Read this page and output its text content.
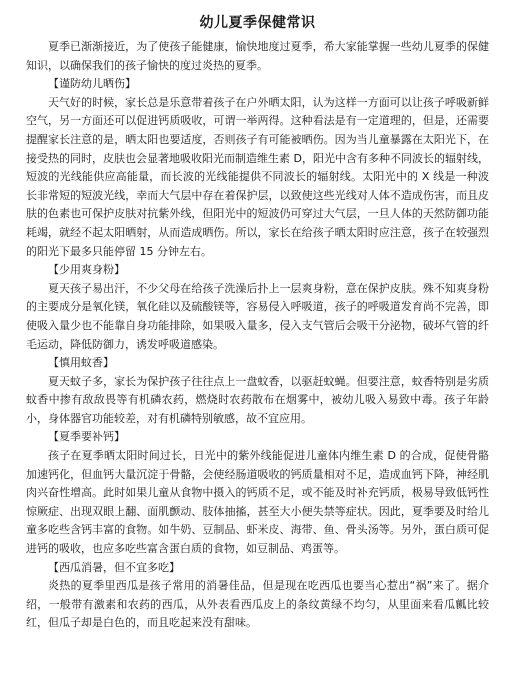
幼儿夏季保健常识

夏季已渐渐接近，为了使孩子能健康，愉快地度过夏季，希大家能掌握一些幼儿夏季的保健知识，以确保我们的孩子愉快的度过炎热的夏季。

【谨防幼儿晒伤】

天气好的时候，家长总是乐意带着孩子在户外晒太阳，认为这样一方面可以让孩子呼吸新鲜空气，另一方面还可以促进钙质吸收，可谓一举两得。这种看法是有一定道理的，但是，还需要提醒家长注意的是，晒太阳也要适度，否则孩子有可能被晒伤。因为当儿童暴露在太阳光下，在接受热的同时，皮肤也会显著地吸收阳光而制造维生素 D，阳光中含有多种不同波长的辐射线，短波的光线能供应高能量，而长波的光线能提供不同波长的辐射线。太阳光中的 X 线是一种波长非常短的短波光线，幸而大气层中存在着保护层，以致使这些光线对人体不造成伤害，而且皮肤的色素也可保护皮肤对抗紫外线，但阳光中的短波仍可穿过大气层，一旦人体的天然防御功能耗竭，就经不起太阳晒射，从而造成晒伤。所以，家长在给孩子晒太阳时应注意，孩子在较强烈的阳光下最多只能停留 15 分钟左右。

【少用爽身粉】

夏天孩子易出汗，不少父母在给孩子洗澡后扑上一层爽身粉，意在保护皮肤。殊不知爽身粉的主要成分是氧化镁，氧化硅以及硫酸镁等，容易侵入呼吸道，孩子的呼吸道发育尚不完善，即使吸入量少也不能靠自身功能排除，如果吸入量多，侵入支气管后会吸干分泌物，破坏气管的纤毛运动，降低防御力，诱发呼吸道感染。

【慎用蚊香】

夏天蚊子多，家长为保护孩子往往点上一盘蚊香，以驱赶蚊蝇。但要注意，蚊香特别是劣质蚊香中掺有敌敌畏等有机磷农药，燃烧时农药散布在烟雾中，被幼儿吸入易致中毒。孩子年龄小，身体器官功能较差，对有机磷特别敏感，故不宜应用。

【夏季要补钙】

孩子在夏季晒太阳时间过长，日光中的紫外线能促进儿童体内维生素 D 的合成，促使骨骼加速钙化，但血钙大量沉淀于骨骼，会使经肠道吸收的钙质量相对不足，造成血钙下降，神经肌肉兴奋性增高。此时如果儿童从食物中摄入的钙质不足，或不能及时补充钙质，极易导致低钙性惊厥症、出现双眼上翻、面肌颤动、肢体抽搐，甚至大小便失禁等症状。因此，夏季要及时给儿童多吃些含钙丰富的食物。如牛奶、豆制品、虾米皮、海带、鱼、骨头汤等。另外，蛋白质可促进钙的吸收，也应多吃些富含蛋白质的食物，如豆制品、鸡蛋等。

【西瓜消暑，但不宜多吃】

炎热的夏季里西瓜是孩子常用的消暑佳品，但是现在吃西瓜也要当心惹出“祸”来了。据介绍，一般带有激素和农药的西瓜，从外表看西瓜皮上的条纹黄绿不均匀，从里面来看瓜瓤比较红，但瓜子却是白色的，而且吃起来没有甜味。
